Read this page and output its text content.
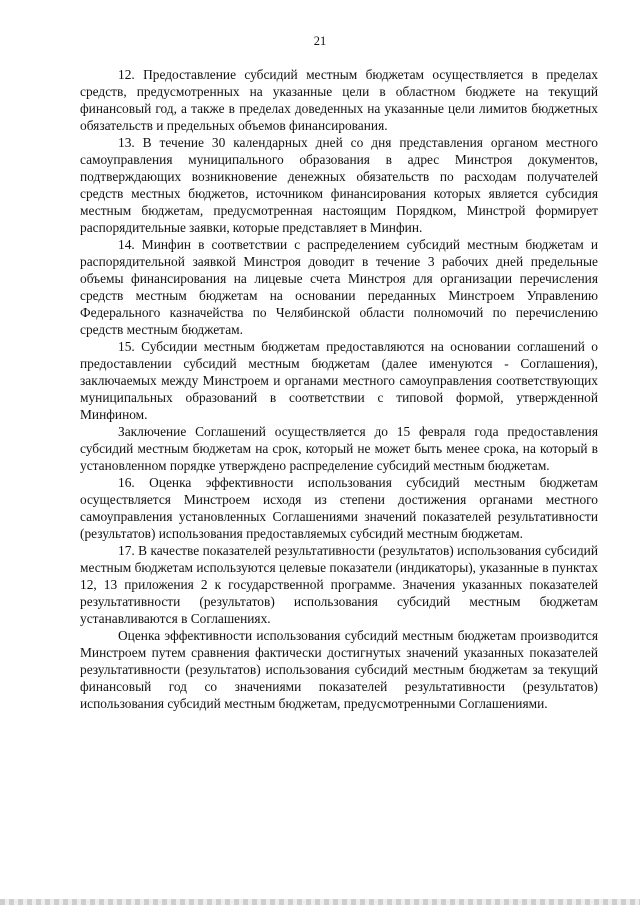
21

12. Предоставление субсидий местным бюджетам осуществляется в пределах средств, предусмотренных на указанные цели в областном бюджете на текущий финансовый год, а также в пределах доведенных на указанные цели лимитов бюджетных обязательств и предельных объемов финансирования.

13. В течение 30 календарных дней со дня представления органом местного самоуправления муниципального образования в адрес Минстроя документов, подтверждающих возникновение денежных обязательств по расходам получателей средств местных бюджетов, источником финансирования которых является субсидия местным бюджетам, предусмотренная настоящим Порядком, Минстрой формирует распорядительные заявки, которые представляет в Минфин.

14. Минфин в соответствии с распределением субсидий местным бюджетам и распорядительной заявкой Минстроя доводит в течение 3 рабочих дней предельные объемы финансирования на лицевые счета Минстроя для организации перечисления средств местным бюджетам на основании переданных Минстроем Управлению Федерального казначейства по Челябинской области полномочий по перечислению средств местным бюджетам.

15. Субсидии местным бюджетам предоставляются на основании соглашений о предоставлении субсидий местным бюджетам (далее именуются - Соглашения), заключаемых между Минстроем и органами местного самоуправления соответствующих муниципальных образований в соответствии с типовой формой, утвержденной Минфином.

Заключение Соглашений осуществляется до 15 февраля года предоставления субсидий местным бюджетам на срок, который не может быть менее срока, на который в установленном порядке утверждено распределение субсидий местным бюджетам.

16. Оценка эффективности использования субсидий местным бюджетам осуществляется Минстроем исходя из степени достижения органами местного самоуправления установленных Соглашениями значений показателей результативности (результатов) использования предоставляемых субсидий местным бюджетам.

17. В качестве показателей результативности (результатов) использования субсидий местным бюджетам используются целевые показатели (индикаторы), указанные в пунктах 12, 13 приложения 2 к государственной программе. Значения указанных показателей результативности (результатов) использования субсидий местным бюджетам устанавливаются в Соглашениях.

Оценка эффективности использования субсидий местным бюджетам производится Минстроем путем сравнения фактически достигнутых значений указанных показателей результативности (результатов) использования субсидий местным бюджетам за текущий финансовый год со значениями показателей результативности (результатов) использования субсидий местным бюджетам, предусмотренными Соглашениями.
